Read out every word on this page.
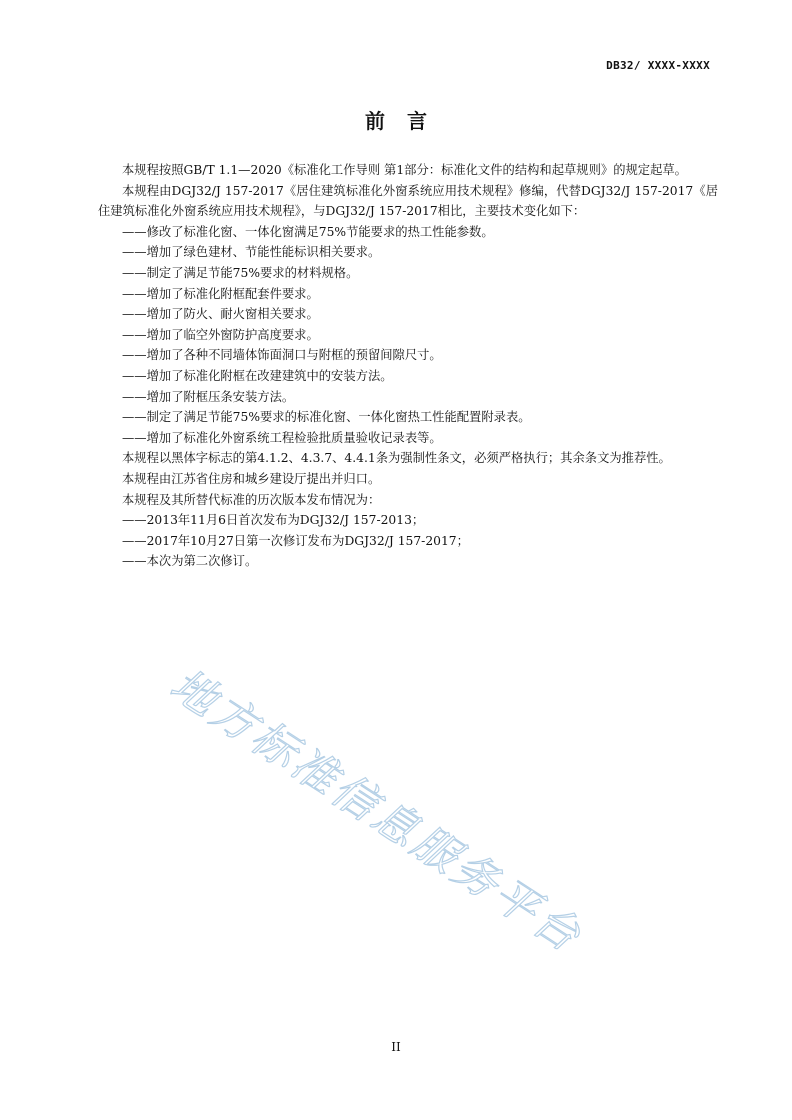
DB32/ XXXX-XXXX
前言

本规程按照GB/T 1.1—2020《标准化工作导则 第1部分：标准化文件的结构和起草规则》的规定起草。

本规程由DGJ32/J 157-2017《居住建筑标准化外窗系统应用技术规程》修编，代替DGJ32/J 157-2017《居住建筑标准化外窗系统应用技术规程》，与DGJ32/J 157-2017相比，主要技术变化如下：

——修改了标准化窗、一体化窗满足75%节能要求的热工性能参数。

——增加了绿色建材、节能性能标识相关要求。

——制定了满足节能75%要求的材料规格。

——增加了标准化附框配套件要求。

——增加了防火、耐火窗相关要求。

——增加了临空外窗防护高度要求。

——增加了各种不同墙体饰面洞口与附框的预留间隙尺寸。

——增加了标准化附框在改建建筑中的安装方法。

——增加了附框压条安装方法。

——制定了满足节能75%要求的标准化窗、一体化窗热工性能配置附录表。

——增加了标准化外窗系统工程检验批质量验收记录表等。

本规程以黑体字标志的第4.1.2、4.3.7、4.4.1条为强制性条文，必须严格执行；其余条文为推荐性。

本规程由江苏省住房和城乡建设厅提出并归口。

本规程及其所替代标准的历次版本发布情况为：

——2013年11月6日首次发布为DGJ32/J 157-2013；

——2017年10月27日第一次修订发布为DGJ32/J 157-2017；

——本次为第二次修订。

地方标准信息服务平台
II
